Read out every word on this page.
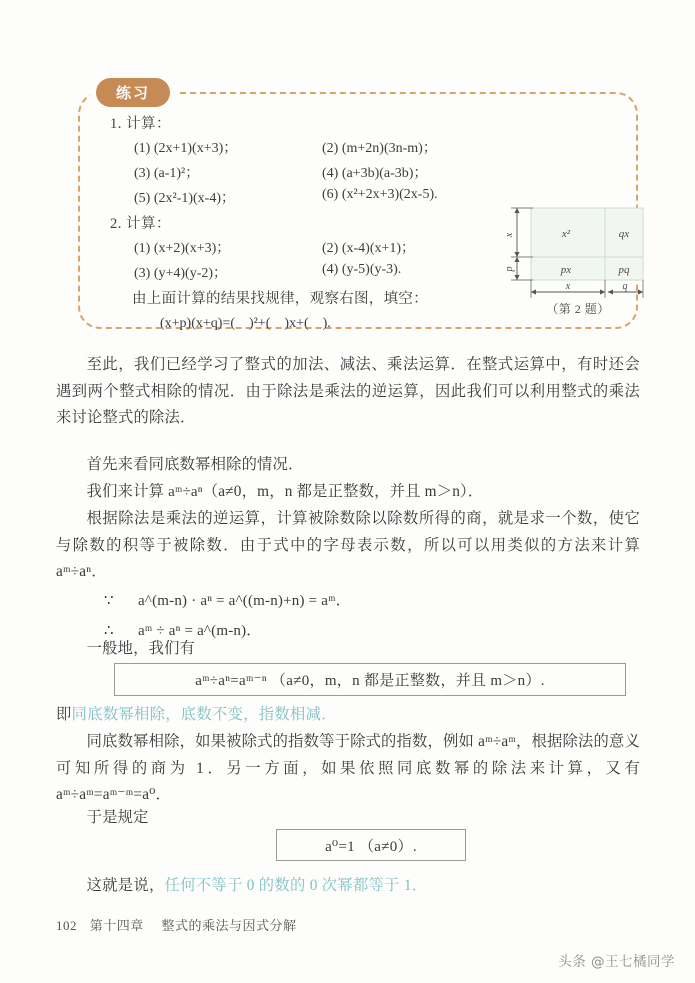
练习
1. 计算：
(1) (2x+1)(x+3)；	(2) (m+2n)(3n-m)；
(3) (a-1)²；	(4) (a+3b)(a-3b)；
(5) (2x²-1)(x-4)；	(6) (x²+2x+3)(2x-5).
2. 计算：
(1) (x+2)(x+3)；	(2) (x-4)(x+1)；
(3) (y+4)(y-2)；	(4) (y-5)(y-3).
由上面计算的结果找规律，观察右图，填空：
(x+p)(x+q)=(　)²+(　)x+(　).
x²	qx
px	pq
x
p
x	q
（第 2 题）
至此，我们已经学习了整式的加法、减法、乘法运算．在整式运算中，有时还会遇到两个整式相除的情况．由于除法是乘法的逆运算，因此我们可以利用整式的乘法来讨论整式的除法．
首先来看同底数幂相除的情况．
我们来计算 aᵐ÷aⁿ（a≠0，m，n 都是正整数，并且 m＞n）．
根据除法是乘法的逆运算，计算被除数除以除数所得的商，就是求一个数，使它与除数的积等于被除数．由于式中的字母表示数，所以可以用类似的方法来计算 aᵐ÷aⁿ．
∵	a^(m-n) · aⁿ = a^((m-n)+n) = aᵐ．
∴	aᵐ ÷ aⁿ = a^(m-n)．
一般地，我们有
aᵐ÷aⁿ=aᵐ⁻ⁿ （a≠0，m，n 都是正整数，并且 m＞n）.
即同底数幂相除，底数不变，指数相减．
同底数幂相除，如果被除式的指数等于除式的指数，例如 aᵐ÷aᵐ，根据除法的意义可知所得的商为 1．另一方面，如果依照同底数幂的除法来计算，又有 aᵐ÷aᵐ=aᵐ⁻ᵐ=a⁰．
于是规定
a⁰=1 （a≠0）.
这就是说，任何不等于 0 的数的 0 次幂都等于 1．
102 第十四章 整式的乘法与因式分解
头条 @王七橘同学
